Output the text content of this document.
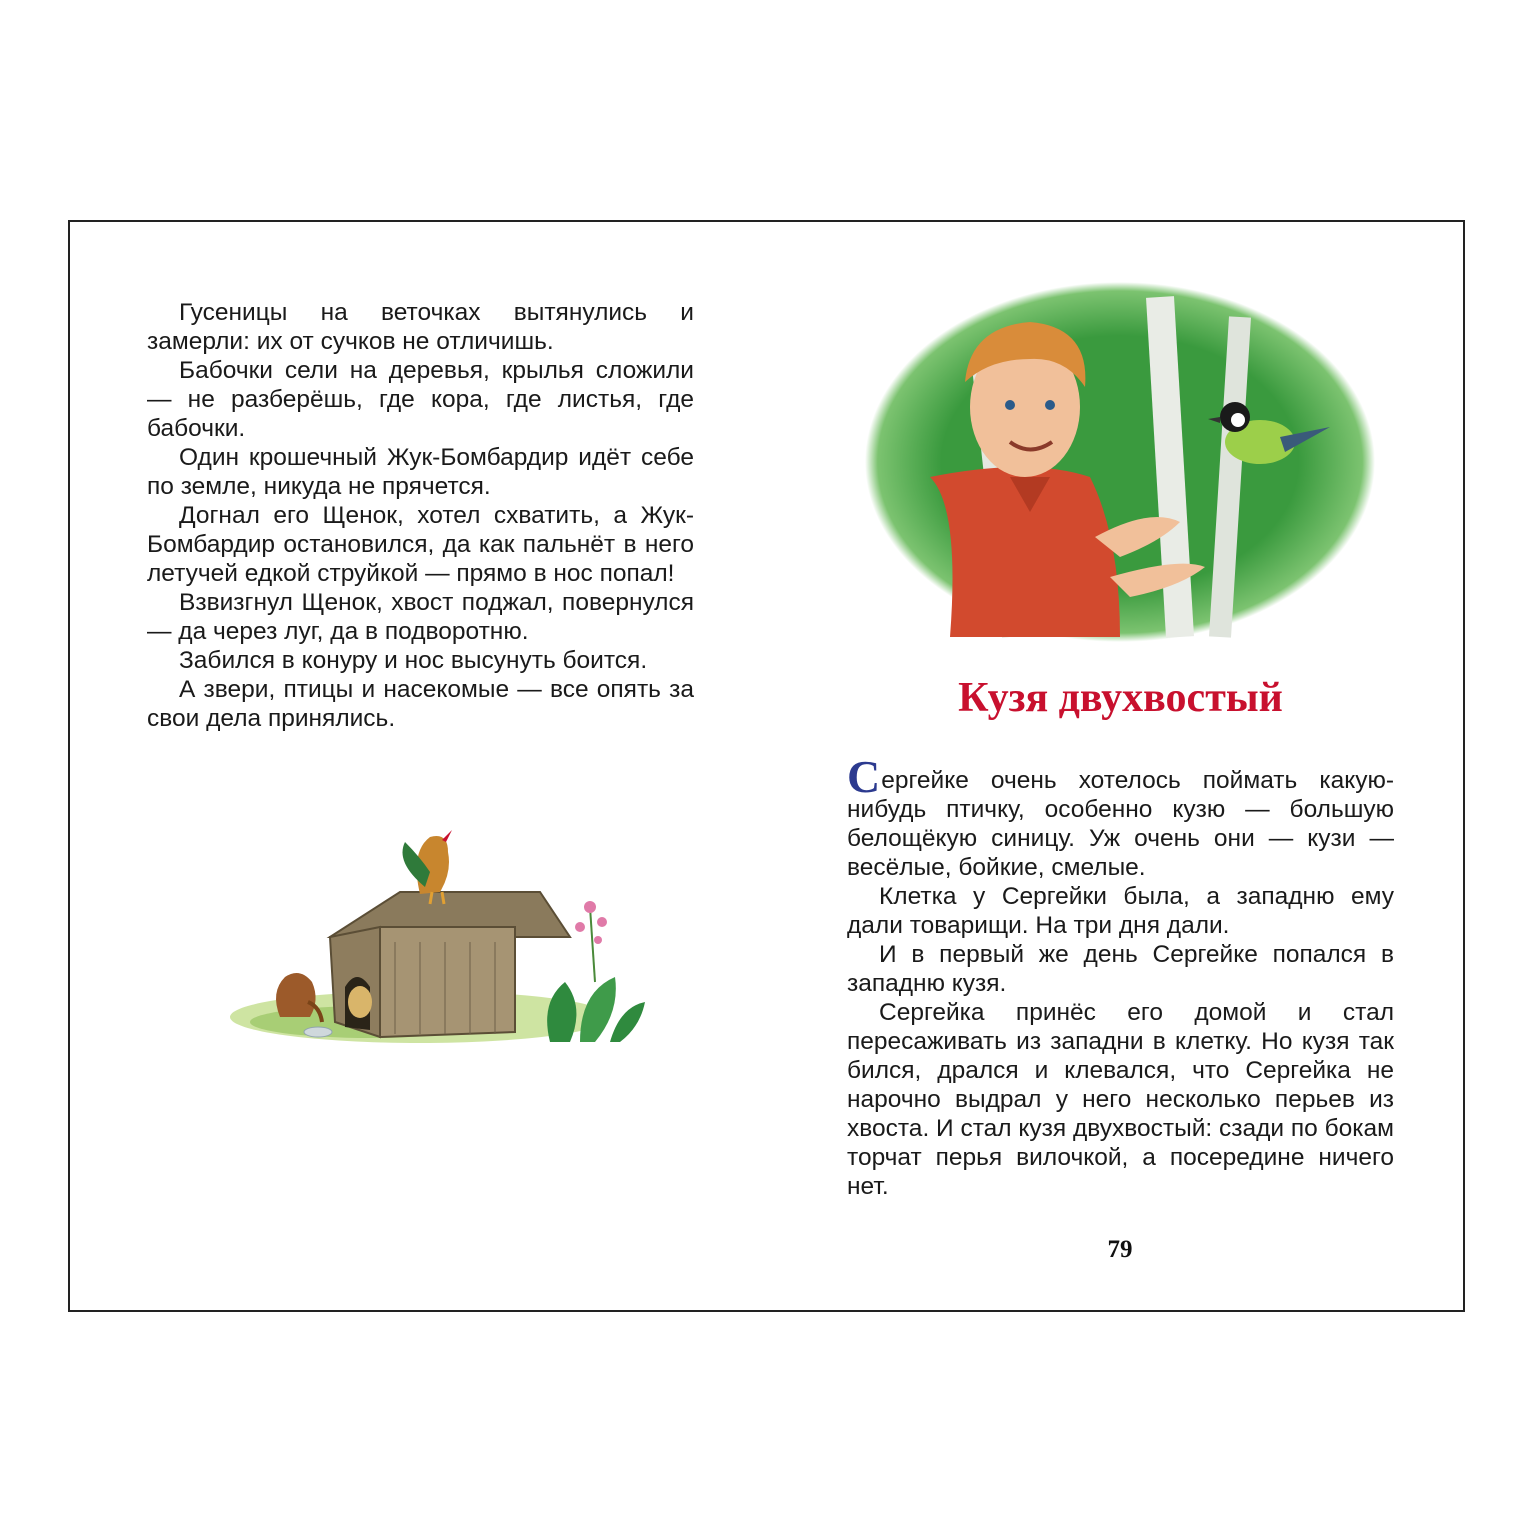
Гусеницы на веточках вытянулись и замерли: их от сучков не отличишь.

Бабочки сели на деревья, крылья сложили — не разберёшь, где кора, где листья, где бабочки.

Один крошечный Жук-Бомбардир идёт себе по земле, никуда не прячется.

Догнал его Щенок, хотел схватить, а Жук-Бомбардир остановился, да как пальнёт в него летучей едкой струйкой — прямо в нос попал!

Взвизгнул Щенок, хвост поджал, повернулся — да через луг, да в подворотню.

Забился в конуру и нос высунуть боится.

А звери, птицы и насекомые — все опять за свои дела принялись.	Кузя двухвостый

Сергейке очень хотелось поймать какую-нибудь птичку, особенно кузю — большую белощёкую синицу. Уж очень они — кузи — весёлые, бойкие, смелые.

Клетка у Сергейки была, а западню ему дали товарищи. На три дня дали.

И в первый же день Сергейке попался в западню кузя.

Сергейка принёс его домой и стал пересаживать из западни в клетку. Но кузя так бился, дрался и клевался, что Сергейка не нарочно выдрал у него несколько перьев из хвоста. И стал кузя двухвостый: сзади по бокам торчат перья вилочкой, а посередине ничего нет.

79
